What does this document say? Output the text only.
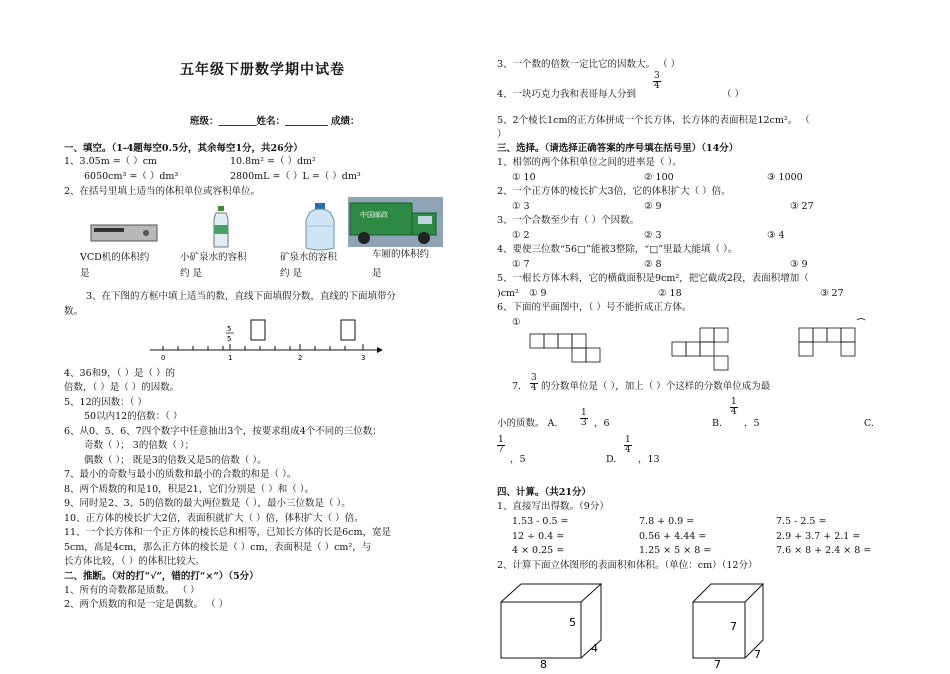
五年级下册数学期中试卷
班级：________姓名：_________ 成绩：
一、填空。（1-4题每空0.5分，其余每空1分，共26分）
1、3.05m =（ ）cm	10.8m² =（ ）dm²
6050cm³ =（ ）dm³	2800mL =（ ）L =（ ）dm³
2、在括号里填上适当的体积单位或容积单位。
中国邮政
VCD机的体积约
是
小矿泉水的容积
约 是
矿泉水的容积
约 是
车厢的体积约
是
3、在下图的方框中填上适当的数，直线下面填假分数，直线的下面填带分
数。
5
5
0	1	2	3
4、36和9，（ ）是（ ）的
倍数，（ ）是（ ）的因数。
5、12的因数：（ ）
50以内12的倍数：（ ）
6、从0、5、6、7四个数字中任意抽出3个，按要求组成4个不同的三位数：
奇数（ ）； 3的倍数（ ）；
偶数（ ）； 既是3的倍数又是5的倍数（ ）。
7、最小的奇数与最小的质数和最小的合数的和是（ ）。
8、两个质数的和是10，积是21，它们分别是（ ）和（ ）。
9、同时是2、3、5的倍数的最大两位数是（ ），最小三位数是（ ）。
10、正方体的棱长扩大2倍，表面积就扩大（ ）倍，体积扩大（ ）倍。
11、一个长方体和一个正方体的棱长总和相等，已知长方体的长是6cm，宽是
5cm，高是4cm，那么正方体的棱长是（ ）cm，表面积是（ ）cm²，与
长方体比较，（ ）的体积比较大。
二、推断。（对的打“√”，错的打“×”）（5分）
1、所有的奇数都是质数。 （ ）
2、两个质数的和是一定是偶数。 （ ）
3、一个数的倍数一定比它的因数大。 （ ）
4、一块巧克力我和表哥每人分到
$\frac{3}{4}$
（ ）
5、2个棱长1cm的正方体拼成一个长方体，长方体的表面积是12cm²。 （
）
三、选择。（请选择正确答案的序号填在括号里）（14分）
1、相邻的两个体积单位之间的进率是（ ）。
① 10	② 100	③ 1000
2、一个正方体的棱长扩大3倍，它的体积扩大（ ）倍。
① 3	② 9	③ 27
3、一个合数至少有（ ）个因数。
① 2	② 3	③ 4
4、要使三位数“56□”能被3整除，“□”里最大能填（ ）。
① 7	② 8	③ 9
5、一根长方体木料，它的横截面积是9cm²，把它截成2段，表面积增加（
)cm² ① 9	② 18	③ 27
6、下面的平面图中，（ ）号不能折成正方体。
①
7. $\frac{3}{4}$ 的分数单位是（ ），加上（ ）个这样的分数单位成为最
小的质数。 A.	$\frac{1}{3}$ ，6	B.
$\frac{1}{4}$
，5	C.
$\frac{1}{7}$
，5	D.
$\frac{1}{4}$
，13
四、计算。（共21分）
1、直接写出得数。（9分）
1.53 - 0.5 =	7.8 + 0.9 =	7.5 - 2.5 =
12 ÷ 0.4 =	0.56 + 4.44 =	2.9 + 3.7 + 2.1 =
4 × 0.25 =	1.25 × 5 × 8 =	7.6 × 8 + 2.4 × 8 =
2、计算下面立体图形的表面积和体积。（单位：cm）（12分）
5
4
8
7
7
7
